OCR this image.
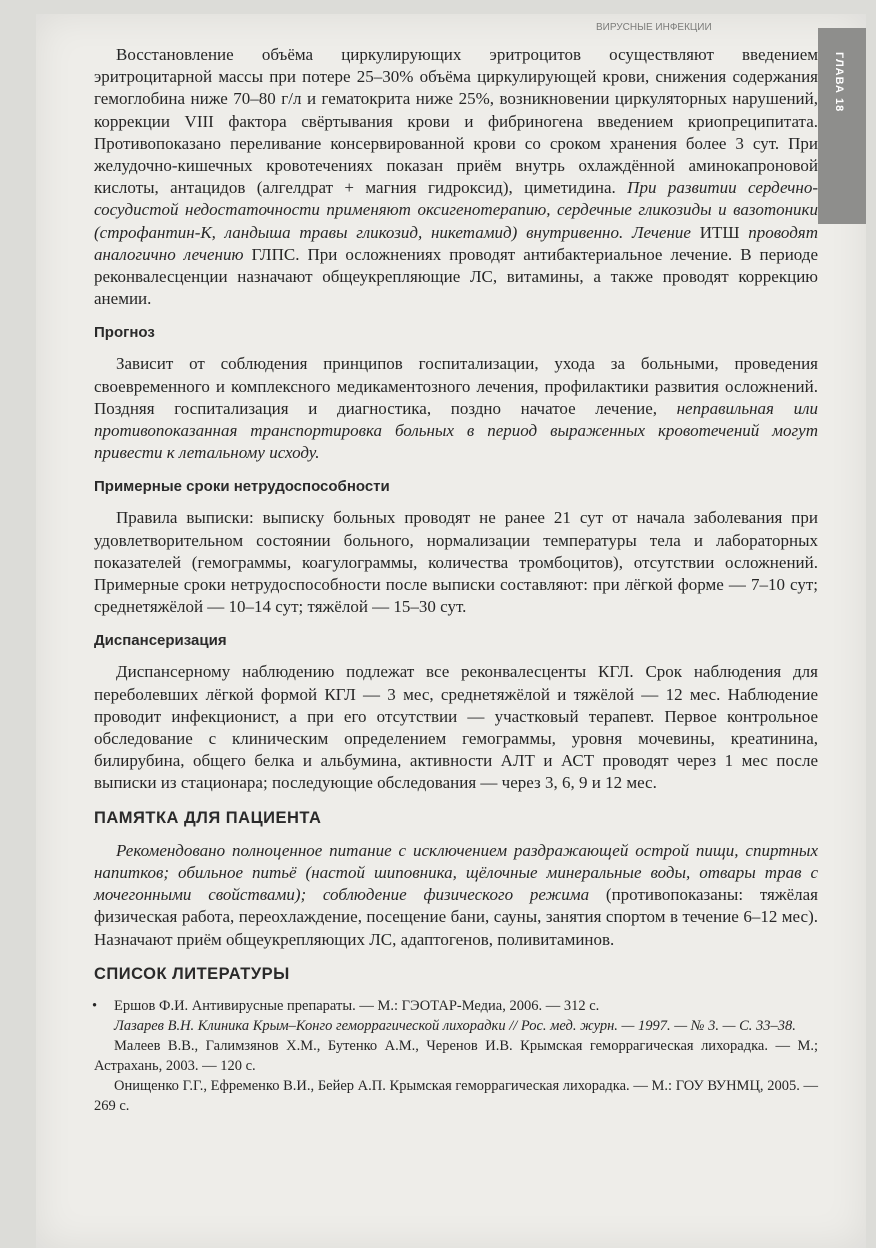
ВИРУСНЫЕ ИНФЕКЦИИ

Восстановление объёма циркулирующих эритроцитов осуществляют введением эритроцитарной массы при потере 25–30% объёма циркулирующей крови, снижения содержания гемоглобина ниже 70–80 г/л и гематокрита ниже 25%, возникновении циркуляторных нарушений, коррекции VIII фактора свёртывания крови и фибриногена введением криопреципитата. Противопоказано переливание консервированной крови со сроком хранения более 3 сут. При желудочно-кишечных кровотечениях показан приём внутрь охлаждённой аминокапроновой кислоты, антацидов (алгелдрат + магния гидроксид), циметидина. При развитии сердечно-сосудистой недостаточности применяют оксигенотерапию, сердечные гликозиды и вазотоники (строфантин-К, ландыша травы гликозид, никетамид) внутривенно. Лечение ИТШ проводят аналогично лечению ГЛПС. При осложнениях проводят антибактериальное лечение. В периоде реконвалесценции назначают общеукрепляющие ЛС, витамины, а также проводят коррекцию анемии.

Прогноз

Зависит от соблюдения принципов госпитализации, ухода за больными, проведения своевременного и комплексного медикаментозного лечения, профилактики развития осложнений. Поздняя госпитализация и диагностика, поздно начатое лечение, неправильная или противопоказанная транспортировка больных в период выраженных кровотечений могут привести к летальному исходу.

Примерные сроки нетрудоспособности

Правила выписки: выписку больных проводят не ранее 21 сут от начала заболевания при удовлетворительном состоянии больного, нормализации температуры тела и лабораторных показателей (гемограммы, коагулограммы, количества тромбоцитов), отсутствии осложнений. Примерные сроки нетрудоспособности после выписки составляют: при лёгкой форме — 7–10 сут; среднетяжёлой — 10–14 сут; тяжёлой — 15–30 сут.

Диспансеризация

Диспансерному наблюдению подлежат все реконвалесценты КГЛ. Срок наблюдения для переболевших лёгкой формой КГЛ — 3 мес, среднетяжёлой и тяжёлой — 12 мес. Наблюдение проводит инфекционист, а при его отсутствии — участковый терапевт. Первое контрольное обследование с клиническим определением гемограммы, уровня мочевины, креатинина, билирубина, общего белка и альбумина, активности АЛТ и АСТ проводят через 1 мес после выписки из стационара; последующие обследования — через 3, 6, 9 и 12 мес.

ПАМЯТКА ДЛЯ ПАЦИЕНТА

Рекомендовано полноценное питание с исключением раздражающей острой пищи, спиртных напитков; обильное питьё (настой шиповника, щёлочные минеральные воды, отвары трав с мочегонными свойствами); соблюдение физического режима (противопоказаны: тяжёлая физическая работа, переохлаждение, посещение бани, сауны, занятия спортом в течение 6–12 мес). Назначают приём общеукрепляющих ЛС, адаптогенов, поливитаминов.

СПИСОК ЛИТЕРАТУРЫ

• Ершов Ф.И. Антивирусные препараты. — М.: ГЭОТАР-Медиа, 2006. — 312 с.

Лазарев В.Н. Клиника Крым–Конго геморрагической лихорадки // Рос. мед. журн. — 1997. — № 3. — С. 33–38.

Малеев В.В., Галимзянов Х.М., Бутенко А.М., Черенов И.В. Крымская геморрагическая лихорадка. — М.; Астрахань, 2003. — 120 с.

Онищенко Г.Г., Ефременко В.И., Бейер А.П. Крымская геморрагическая лихорадка. — М.: ГОУ ВУНМЦ, 2005. — 269 с.

ГЛАВА 18
